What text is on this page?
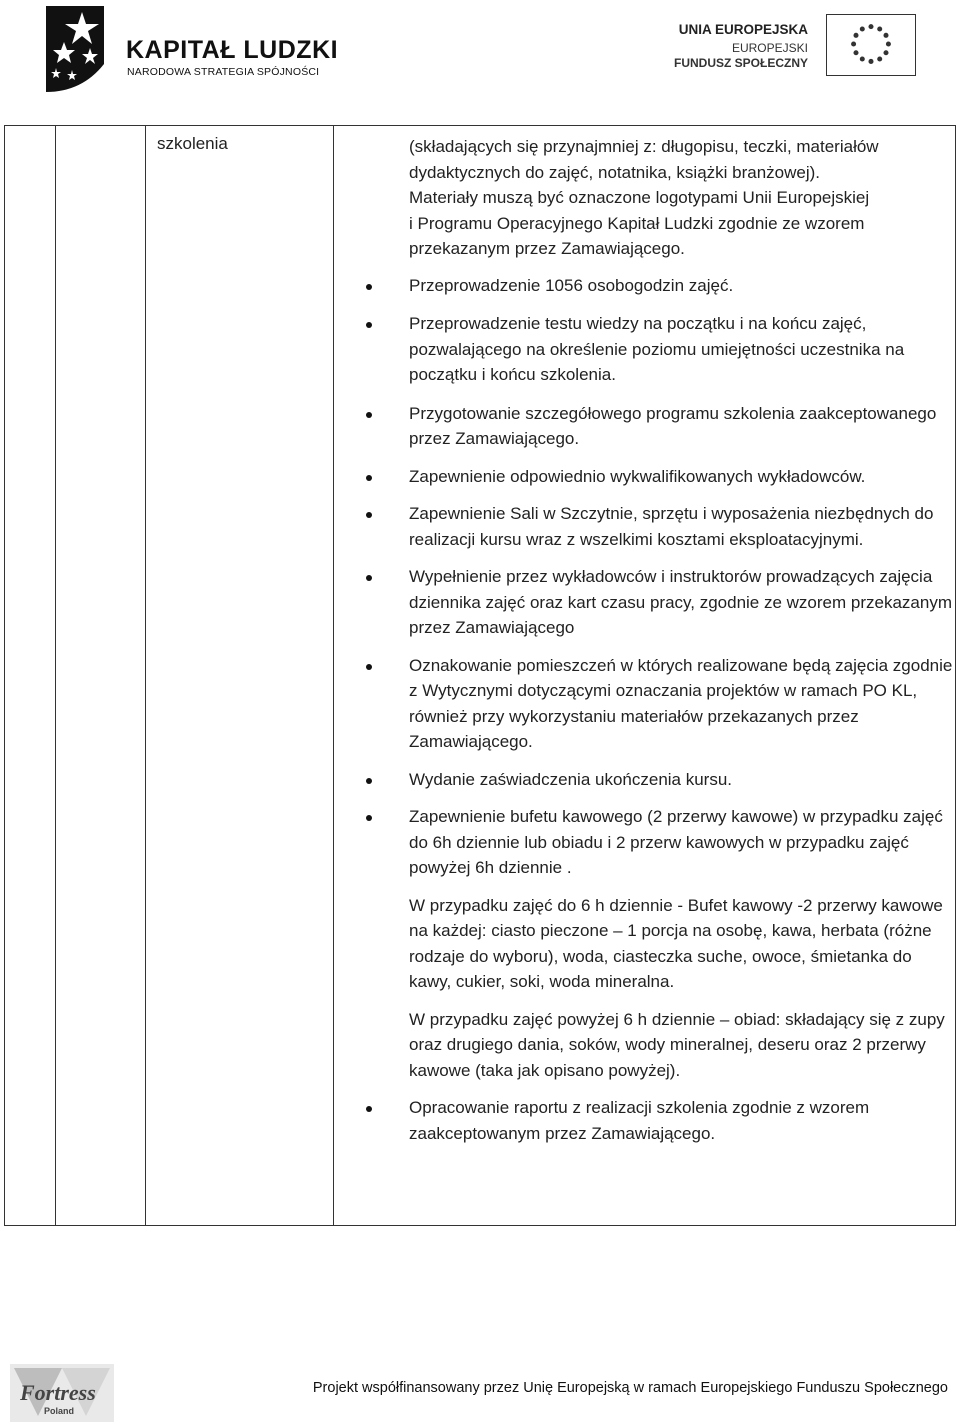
KAPITAŁ LUDZKI
NARODOWA STRATEGIA SPÓJNOŚCI
UNIA EUROPEJSKA
EUROPEJSKI
FUNDUSZ SPOŁECZNY
szkolenia	(składających się przynajmniej z: długopisu, teczki, materiałów
dydaktycznych do zajęć, notatnika, książki branżowej).
Materiały muszą być oznaczone logotypami Unii Europejskiej
i Programu Operacyjnego Kapitał Ludzki zgodnie ze wzorem
przekazanym przez Zamawiającego.
Przeprowadzenie 1056 osobogodzin zajęć.
Przeprowadzenie testu wiedzy na początku i na końcu zajęć, pozwalającego na określenie poziomu umiejętności uczestnika na początku i końcu szkolenia.
Przygotowanie szczegółowego programu szkolenia zaakceptowanego przez Zamawiającego.
Zapewnienie odpowiednio wykwalifikowanych wykładowców.
Zapewnienie Sali w Szczytnie, sprzętu i wyposażenia niezbędnych do realizacji kursu wraz z wszelkimi kosztami eksploatacyjnymi.
Wypełnienie przez wykładowców i instruktorów prowadzących zajęcia dziennika zajęć oraz kart czasu pracy, zgodnie ze wzorem przekazanym przez Zamawiającego
Oznakowanie pomieszczeń w których realizowane będą zajęcia zgodnie z Wytycznymi dotyczącymi oznaczania projektów w ramach PO KL, również przy wykorzystaniu materiałów przekazanych przez Zamawiającego.
Wydanie zaświadczenia ukończenia kursu.
Zapewnienie bufetu kawowego (2 przerwy kawowe) w przypadku zajęć do 6h dziennie lub obiadu i 2 przerw kawowych w przypadku zajęć powyżej 6h dziennie .

W przypadku zajęć do 6 h dziennie - Bufet kawowy -2 przerwy kawowe na każdej: ciasto pieczone – 1 porcja na osobę, kawa, herbata (różne rodzaje do wyboru), woda, ciasteczka suche, owoce, śmietanka do kawy, cukier, soki, woda mineralna.

W przypadku zajęć powyżej 6 h dziennie – obiad: składający się z zupy oraz drugiego dania, soków, wody mineralnej, deseru oraz 2 przerwy kawowe (taka jak opisano powyżej).

Opracowanie raportu z realizacji szkolenia zgodnie z wzorem zaakceptowanym przez Zamawiającego.
Fortress
Poland
Projekt współfinansowany przez Unię Europejską w ramach Europejskiego Funduszu Społecznego
